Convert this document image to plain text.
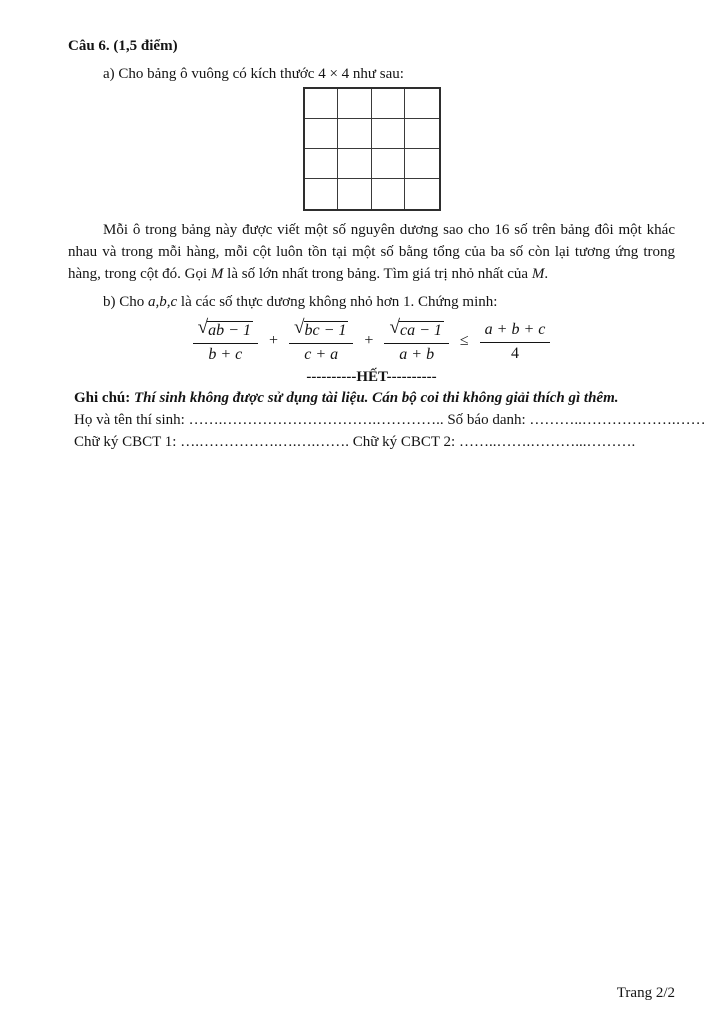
Câu 6. (1,5 điểm)
a) Cho bảng ô vuông có kích thước 4 × 4 như sau:

Mỗi ô trong bảng này được viết một số nguyên dương sao cho 16 số trên bảng đôi một khác nhau và trong mỗi hàng, mỗi cột luôn tồn tại một số bằng tổng của ba số còn lại tương ứng trong hàng, trong cột đó. Gọi M là số lớn nhất trong bảng. Tìm giá trị nhỏ nhất của M.

b) Cho a,b,c là các số thực dương không nhỏ hơn 1. Chứng minh:
$\frac{√ ab - 1}{b + c} + \frac{√ bc - 1}{c + a} + \frac{√ ca - 1}{a + b} \le \frac{a + b + c}{4}$
----------HẾT----------
Ghi chú: Thí sinh không được sử dụng tài liệu. Cán bộ coi thi không giải thích gì thêm.
Họ và tên thí sinh: …….………………………….………….. Số báo danh: ………..……………….……
Chữ ký CBCT 1: ….…………….….….……. Chữ ký CBCT 2: ……..…….………...……….
Trang 2/2
